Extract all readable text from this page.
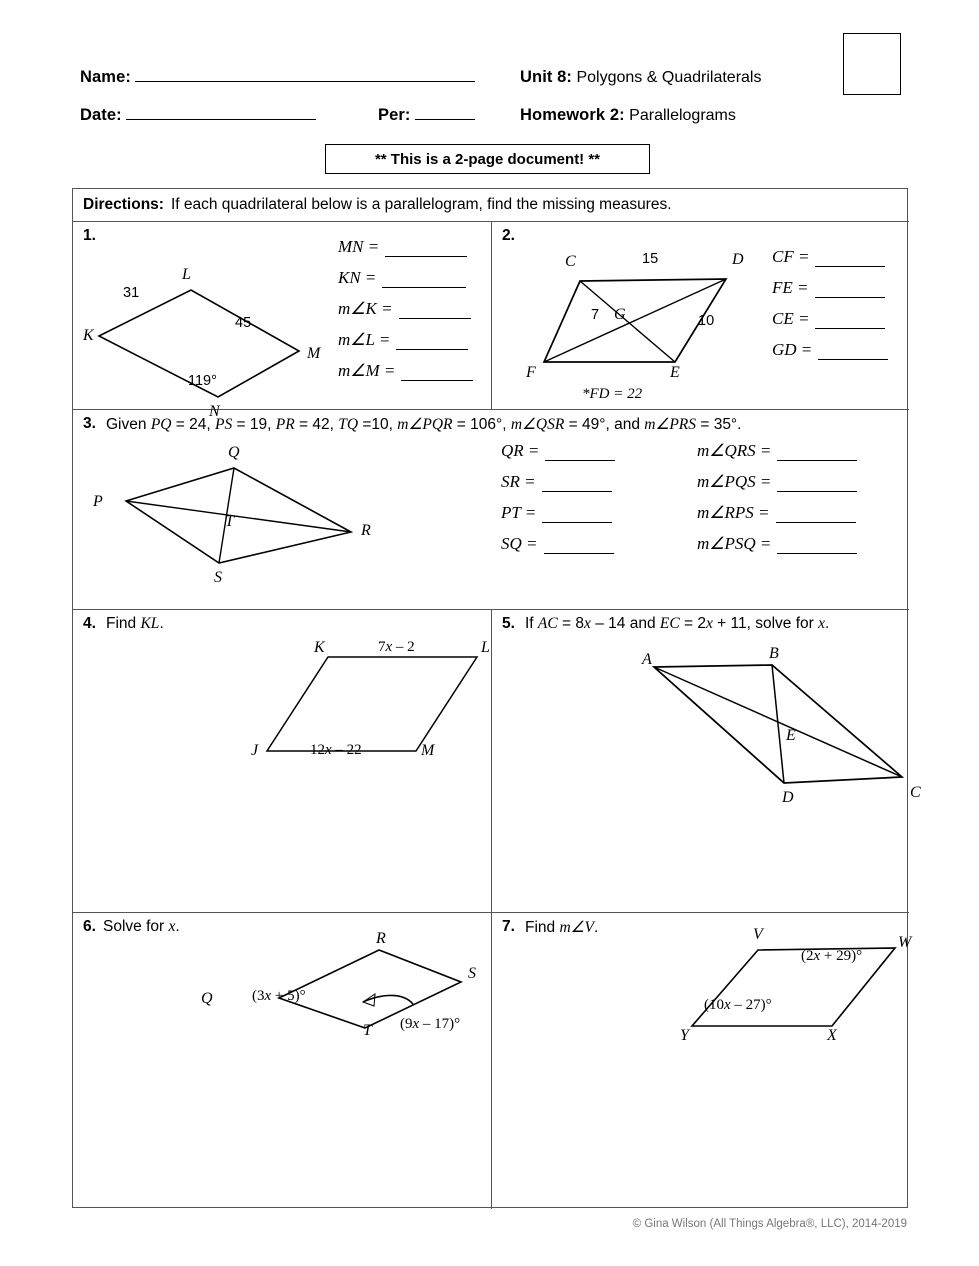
Name:
Date:	Per:
Unit 8: Polygons & Quadrilaterals
Homework 2: Parallelograms
** This is a 2-page document! **
Directions: If each quadrilateral below is a parallelogram, find the missing measures.
1.
K
L
M
N
31
45
119°
MN =
KN =
m∠K =
m∠L =
m∠M =
2.
C	D
E
F
G
15
7	10
*FD = 22
CF =
FE =
CE =
GD =
3. Given PQ = 24, PS = 19, PR = 42, TQ =10, m∠PQR = 106°, m∠QSR = 49°, and m∠PRS = 35°.
P
Q
R
S
T
QR =
SR =
PT =
SQ =
m∠QRS =
m∠PQS =
m∠RPS =
m∠PSQ =
4. Find KL.
K	L
J	M
7x – 2
12x – 22
5. If AC = 8x – 14 and EC = 2x + 11, solve for x.
A	B
C
D
E
6. Solve for x.
R
S
T
Q	(3x + 5)°
(9x – 17)°
7. Find m∠V.	V	W
X
Y
(2x + 29)°
(10x – 27)°
© Gina Wilson (All Things Algebra®, LLC), 2014-2019
